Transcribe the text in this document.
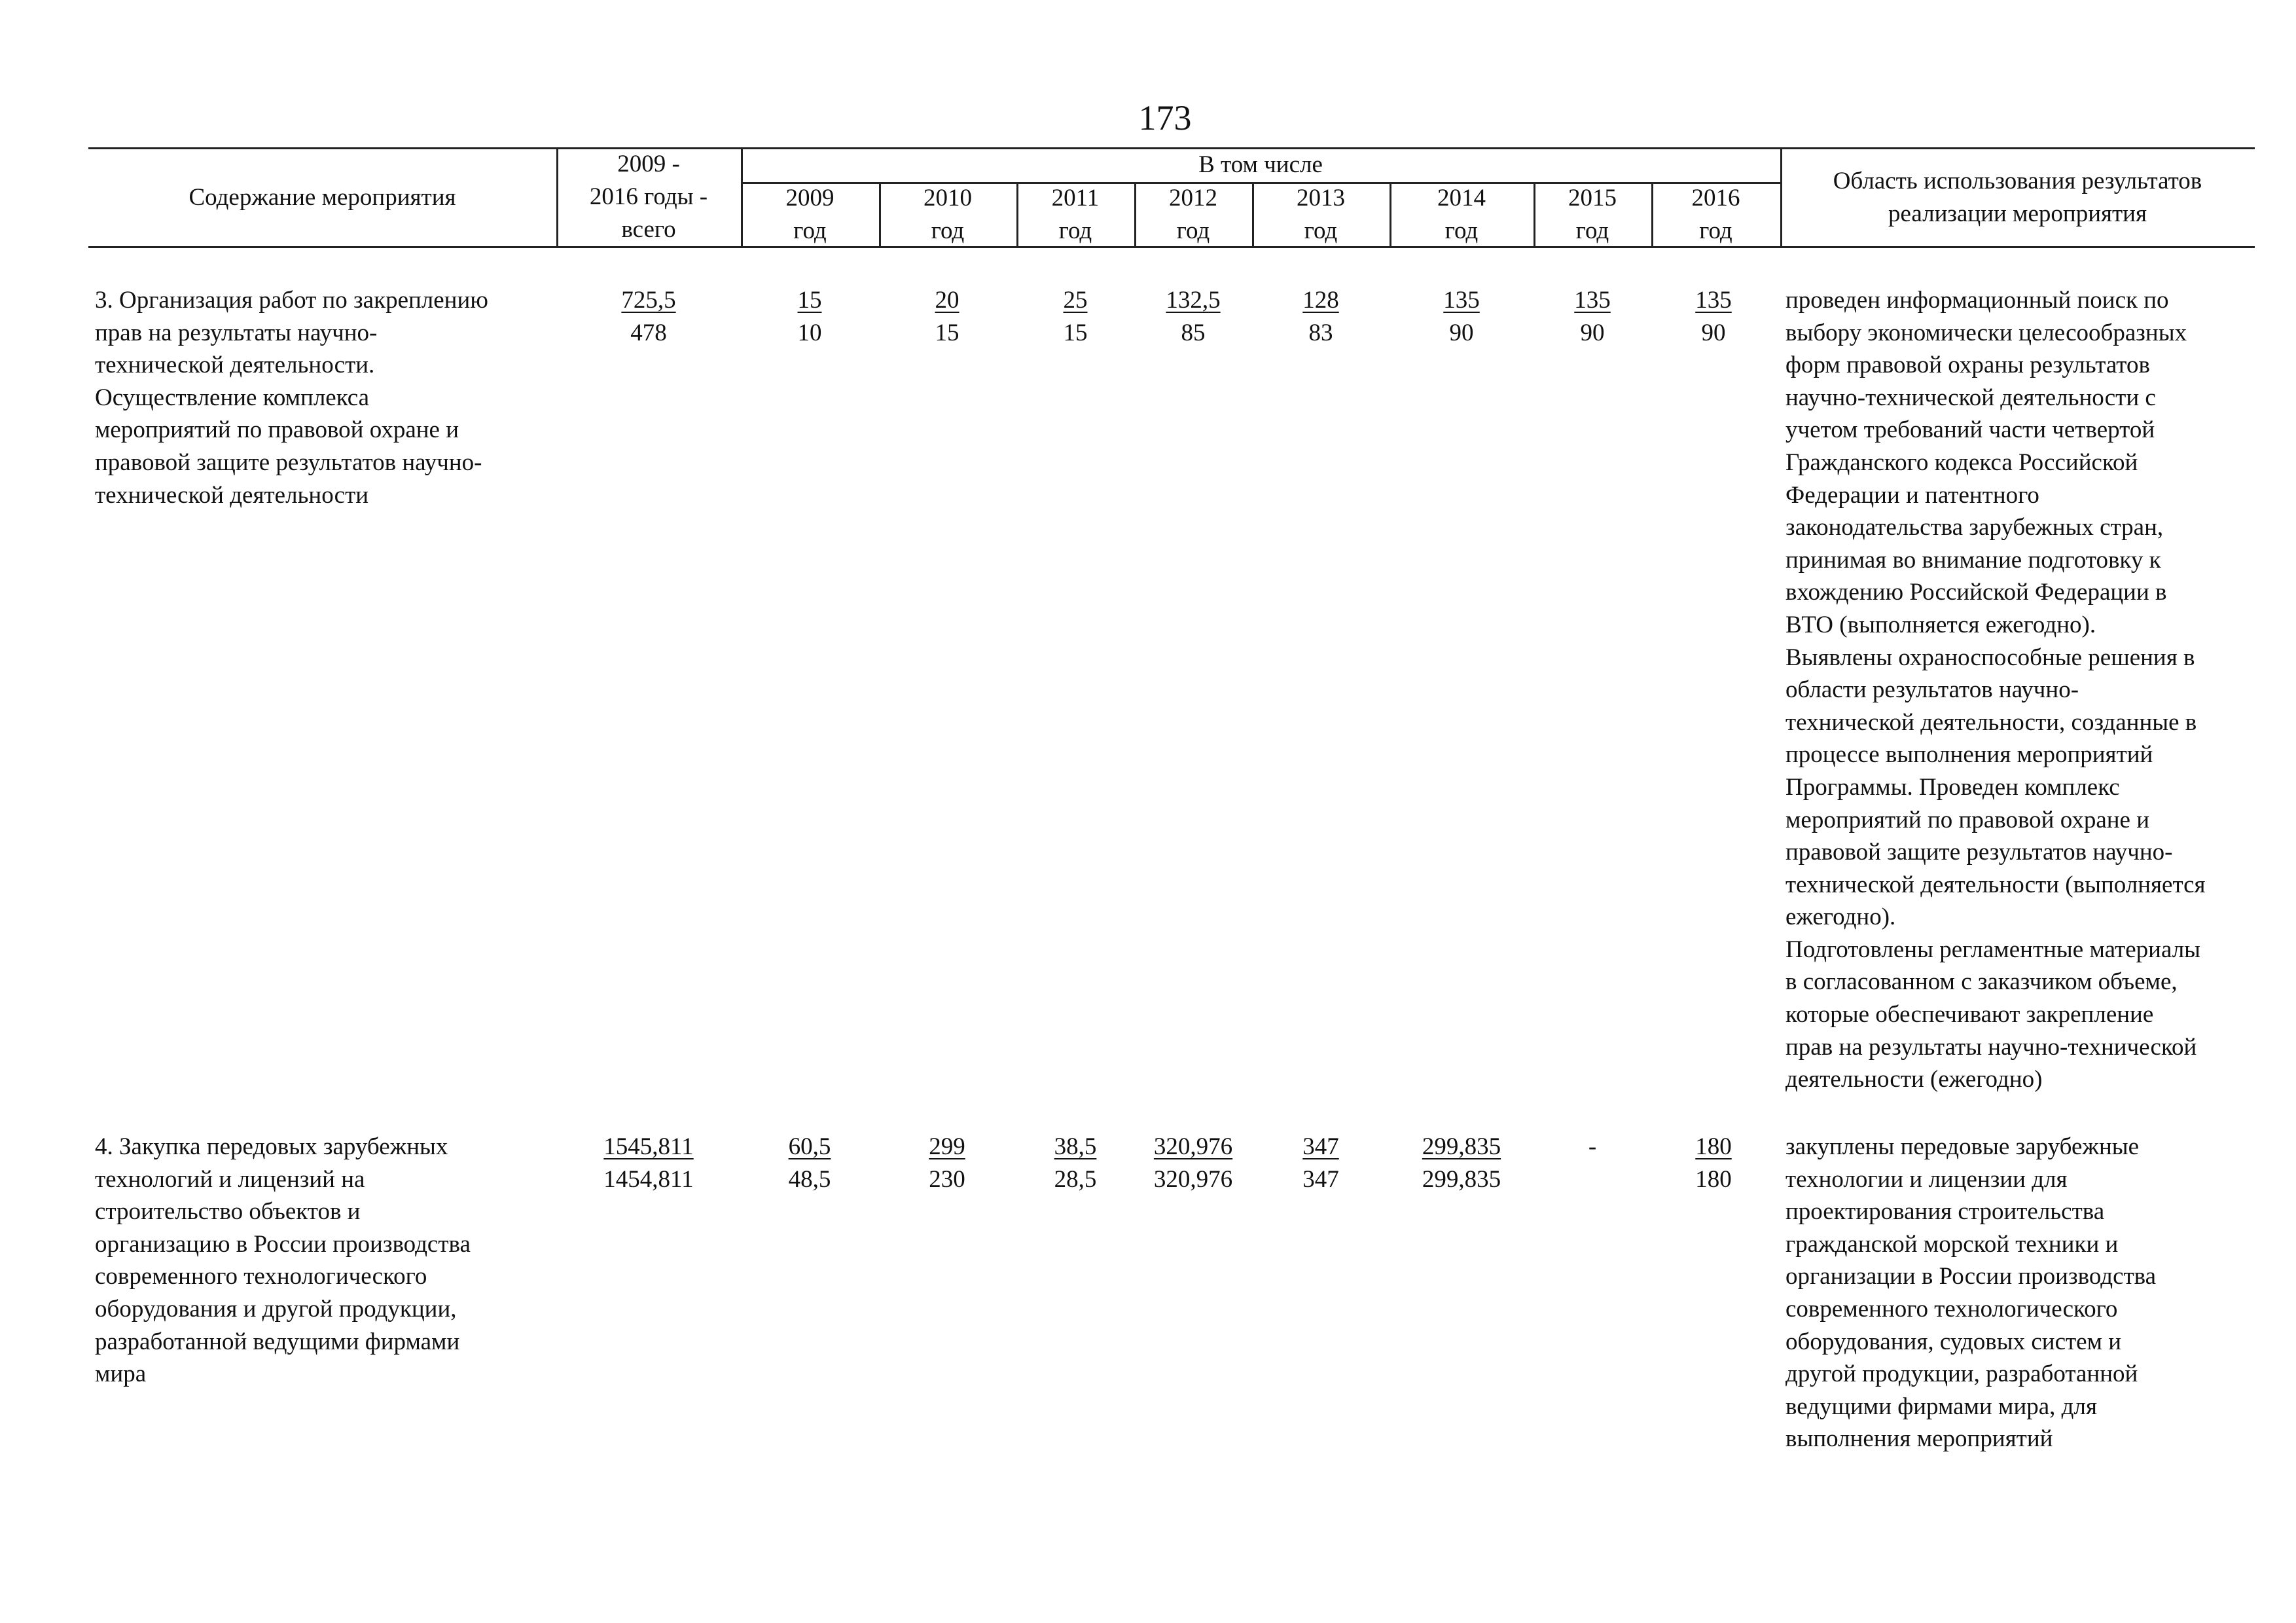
173
Содержание мероприятия
2009 -
2016 годы -
всего
В том числе
2009
год
2010
год
2011
год
2012
год
2013
год
2014
год
2015
год
2016
год
Область использования результатов
реализации мероприятия
3. Организация работ по закреплению
прав на результаты научно-
технической деятельности.
Осуществление комплекса
мероприятий по правовой охране и
правовой защите результатов научно-
технической деятельности
725,5
478
15
10
20
15
25
15
132,5
85
128
83
135
90
135
90
135
90
проведен информационный поиск по
выбору экономически целесообразных
форм правовой охраны результатов
научно-технической деятельности с
учетом требований части четвертой
Гражданского кодекса Российской
Федерации и патентного
законодательства зарубежных стран,
принимая во внимание подготовку к
вхождению Российской Федерации в
ВТО (выполняется ежегодно).
Выявлены охраноспособные решения в
области результатов научно-
технической деятельности, созданные в
процессе выполнения мероприятий
Программы. Проведен комплекс
мероприятий по правовой охране и
правовой защите результатов научно-
технической деятельности (выполняется
ежегодно).
Подготовлены регламентные материалы
в согласованном с заказчиком объеме,
которые обеспечивают закрепление
прав на результаты научно-технической
деятельности (ежегодно)
4. Закупка передовых зарубежных
технологий и лицензий на
строительство объектов и
организацию в России производства
современного технологического
оборудования и другой продукции,
разработанной ведущими фирмами
мира
1545,811
1454,811
60,5
48,5
299
230
38,5
28,5
320,976
320,976
347
347
299,835
299,835
-	180
180
закуплены передовые зарубежные
технологии и лицензии для
проектирования строительства
гражданской морской техники и
организации в России производства
современного технологического
оборудования, судовых систем и
другой продукции, разработанной
ведущими фирмами мира, для
выполнения мероприятий
